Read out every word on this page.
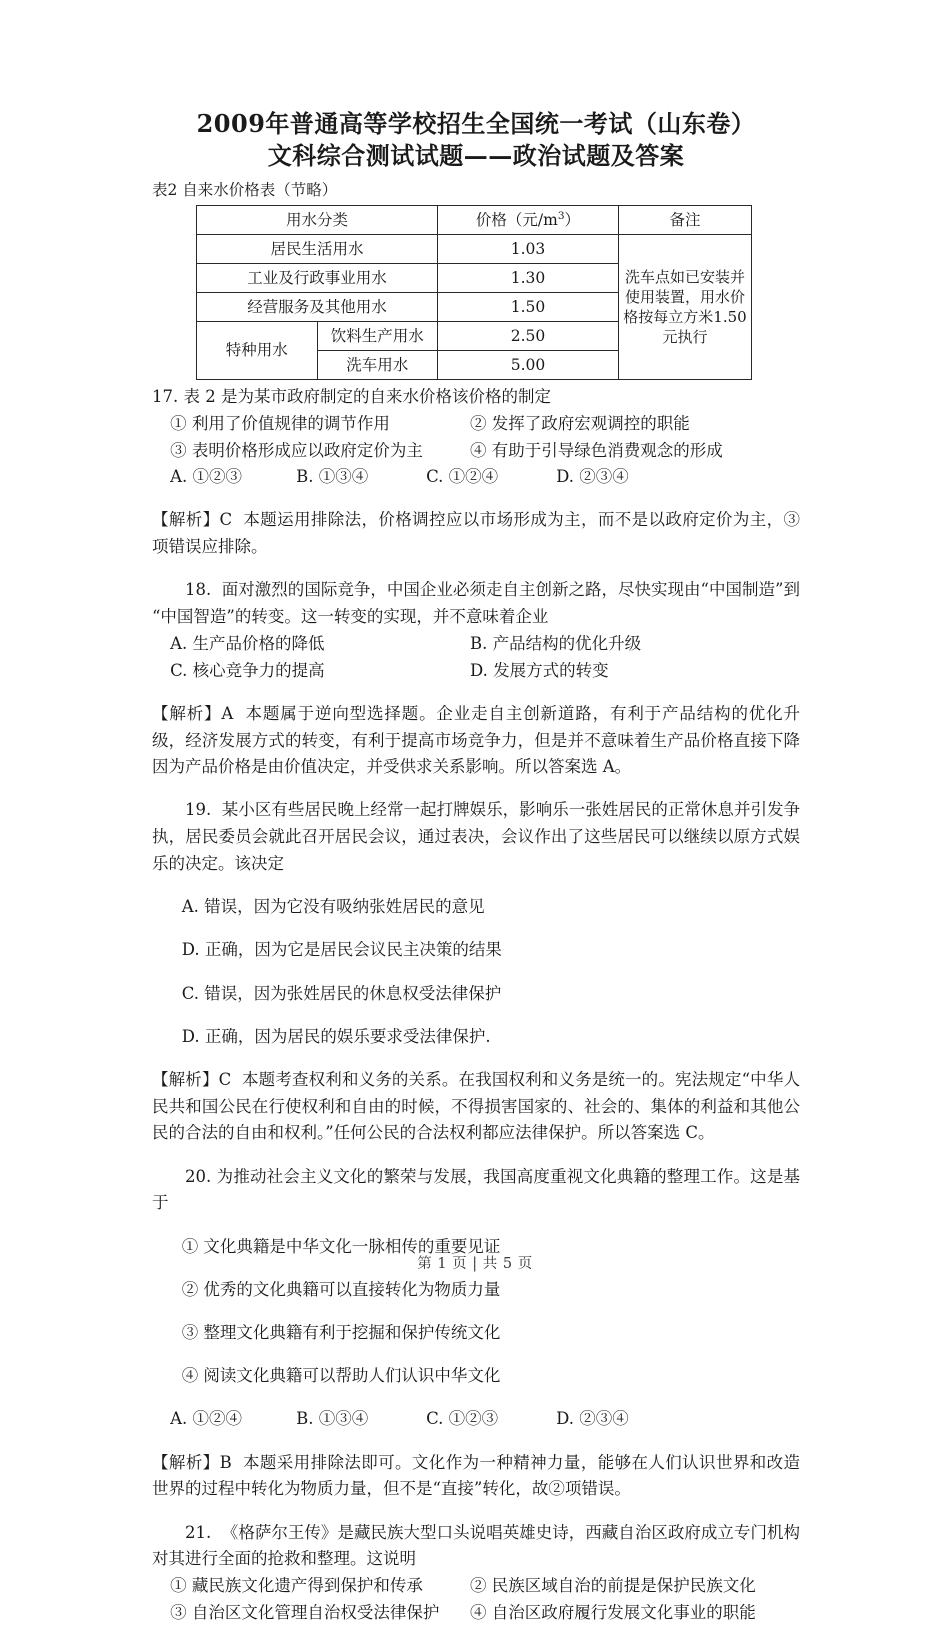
2009年普通高等学校招生全国统一考试（山东卷）
文科综合测试试题——政治试题及答案
表2 自来水价格表（节略）
用水分类		价格（元$/m^3$）	备注
居民生活用水		1.03	洗车点如已安装并使用装置，用水价格按每立方米1.50元执行
工业及行政事业用水		1.30	
经营服务及其他用水		1.50	
特种用水	饮料生产用水	2.50	
	洗车用水	5.00	

17. 表 2 是为某市政府制定的自来水价格该价格的制定

① 利用了价值规律的调节作用	② 发挥了政府宏观调控的职能
③ 表明价格形成应以政府定价为主	④ 有助于引导绿色消费观念的形成
A. ①②③	B. ①③④	C. ①②④	D. ②③④

【解析】C 本题运用排除法，价格调控应以市场形成为主，而不是以政府定价为主，③项错误应排除。

18. 面对激烈的国际竞争，中国企业必须走自主创新之路，尽快实现由“中国制造”到“中国智造”的转变。这一转变的实现，并不意味着企业

A. 生产品价格的降低	B. 产品结构的优化升级
C. 核心竞争力的提高	D. 发展方式的转变

【解析】A 本题属于逆向型选择题。企业走自主创新道路，有利于产品结构的优化升级，经济发展方式的转变，有利于提高市场竞争力，但是并不意味着生产品价格直接下降因为产品价格是由价值决定，并受供求关系影响。所以答案选 A。

19. 某小区有些居民晚上经常一起打牌娱乐，影响乐一张姓居民的正常休息并引发争执，居民委员会就此召开居民会议，通过表决，会议作出了这些居民可以继续以原方式娱乐的决定。该决定

A. 错误，因为它没有吸纳张姓居民的意见

D. 正确，因为它是居民会议民主决策的结果

C. 错误，因为张姓居民的休息权受法律保护

D. 正确，因为居民的娱乐要求受法律保护.

【解析】C 本题考查权利和义务的关系。在我国权利和义务是统一的。宪法规定“中华人民共和国公民在行使权利和自由的时候，不得损害国家的、社会的、集体的利益和其他公民的合法的自由和权利。”任何公民的合法权利都应法律保护。所以答案选 C。

20. 为推动社会主义文化的繁荣与发展，我国高度重视文化典籍的整理工作。这是基于

① 文化典籍是中华文化一脉相传的重要见证

② 优秀的文化典籍可以直接转化为物质力量

③ 整理文化典籍有利于挖掘和保护传统文化

④ 阅读文化典籍可以帮助人们认识中华文化

A. ①②④	B. ①③④	C. ①②③	D. ②③④

【解析】B 本题采用排除法即可。文化作为一种精神力量，能够在人们认识世界和改造世界的过程中转化为物质力量，但不是“直接”转化，故②项错误。

21. 《格萨尔王传》是藏民族大型口头说唱英雄史诗，西藏自治区政府成立专门机构对其进行全面的抢救和整理。这说明

① 藏民族文化遗产得到保护和传承	② 民族区域自治的前提是保护民族文化
③ 自治区文化管理自治权受法律保护	④ 自治区政府履行发展文化事业的职能
第 1 页 | 共 5 页
